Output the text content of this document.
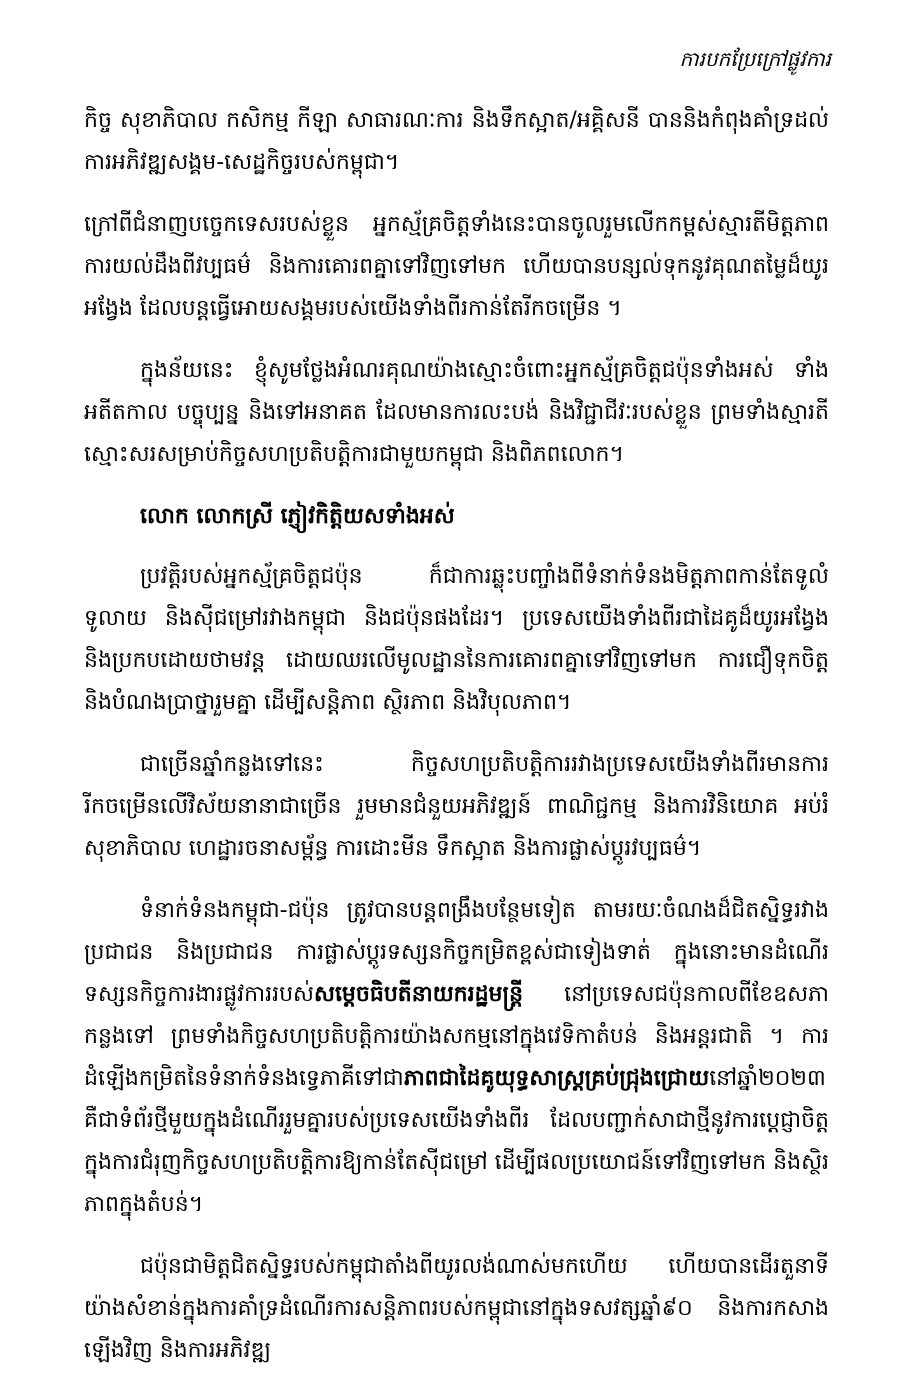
ការបកប្រែក្រៅផ្លូវការ

កិច្ច សុខាភិបាល កសិកម្ម កីឡា សាធារណៈការ និងទឹកស្អាត/អគ្គិសនី បាននិងកំពុងគាំទ្រដល់ការអភិវឌ្ឍសង្គម-សេដ្ឋកិច្ចរបស់កម្ពុជា។

ក្រៅពីជំនាញបច្ចេកទេសរបស់ខ្លួន អ្នកស្ម័គ្រចិត្តទាំងនេះបានចូលរួមលើកកម្ពស់ស្មារតីមិត្តភាព ការយល់ដឹងពីវប្បធម៌ និងការគោរពគ្នាទៅវិញទៅមក ហើយបានបន្សល់ទុកនូវគុណតម្លៃដ៏យូរអង្វែង ដែលបន្តធ្វើអោយសង្គមរបស់យើងទាំងពីរកាន់តែរីកចម្រើន ។

ក្នុងន័យនេះ ខ្ញុំសូមថ្លែងអំណរគុណយ៉ាងស្មោះចំពោះអ្នកស្ម័គ្រចិត្តជប៉ុនទាំងអស់ ទាំងអតីតកាល បច្ចុប្បន្ន និងទៅអនាគត ដែលមានការលះបង់ និងវិជ្ជាជីវៈរបស់ខ្លួន ព្រមទាំងស្មារតីស្មោះសរសម្រាប់កិច្ចសហប្រតិបត្តិការជាមួយកម្ពុជា និងពិភពលោក។

លោក លោកស្រី ភ្ញៀវកិត្តិយសទាំងអស់

ប្រវត្តិរបស់អ្នកស្ម័គ្រចិត្តជប៉ុន ក៏ជាការឆ្លុះបញ្ចាំងពីទំនាក់ទំនងមិត្តភាពកាន់តែទូលំទូលាយ និងស៊ីជម្រៅរវាងកម្ពុជា និងជប៉ុនផងដែរ។ ប្រទេសយើងទាំងពីរជាដៃគូដ៏យូរអង្វែង និងប្រកបដោយថាមវន្ត ដោយឈរលើមូលដ្ឋាននៃការគោរពគ្នាទៅវិញទៅមក ការជឿទុកចិត្ត និងបំណងប្រាថ្នារួមគ្នា ដើម្បីសន្តិភាព ស្ថិរភាព និងវិបុលភាព។

ជាច្រើនឆ្នាំកន្លងទៅនេះ កិច្ចសហប្រតិបត្តិការរវាងប្រទេសយើងទាំងពីរមានការរីកចម្រើនលើវិស័យនានាជាច្រើន រួមមានជំនួយអភិវឌ្ឍន៍ ពាណិជ្ជកម្ម និងការវិនិយោគ អប់រំ សុខាភិបាល ហេដ្ឋារចនាសម្ព័ន្ធ ការដោះមីន ទឹកស្អាត និងការផ្លាស់ប្ដូរវប្បធម៌។

ទំនាក់ទំនងកម្ពុជា-ជប៉ុន ត្រូវបានបន្តពង្រឹងបន្ថែមទៀត តាមរយៈចំណងដ៏ជិតស្និទ្ធរវាងប្រជាជន និងប្រជាជន ការផ្លាស់ប្តូរទស្សនកិច្ចកម្រិតខ្ពស់ជាទៀងទាត់ ក្នុងនោះមានដំណើរទស្សនកិច្ចការងារផ្លូវការរបស់សម្តេចធិបតីនាយករដ្ឋមន្ត្រី នៅប្រទេសជប៉ុនកាលពីខែឧសភាកន្លងទៅ ព្រមទាំងកិច្ចសហប្រតិបត្តិការយ៉ាងសកម្មនៅក្នុងវេទិកាតំបន់ និងអន្តរជាតិ ។ ការដំឡើងកម្រិតនៃទំនាក់ទំនងទ្វេភាគីទៅជាភាពជាដៃគូយុទ្ធសាស្ត្រគ្រប់ជ្រុងជ្រោយនៅឆ្នាំ២០២៣ គឺជាទំព័រថ្មីមួយក្នុងដំណើររួមគ្នារបស់ប្រទេសយើងទាំងពីរ ដែលបញ្ជាក់សាជាថ្មីនូវការប្តេជ្ញាចិត្តក្នុងការជំរុញកិច្ចសហប្រតិបត្តិការឱ្យកាន់តែស៊ីជម្រៅ ដើម្បីផលប្រយោជន៍ទៅវិញទៅមក និងស្ថិរភាពក្នុងតំបន់។

ជប៉ុនជាមិត្តជិតស្និទ្ធរបស់កម្ពុជាតាំងពីយូរលង់ណាស់មកហើយ ហើយបានដើរតួនាទីយ៉ាងសំខាន់ក្នុងការគាំទ្រដំណើរការសន្តិភាពរបស់កម្ពុជានៅក្នុងទសវត្សឆ្នាំ៩០ និងការកសាងឡើងវិញ និងការអភិវឌ្ឍ
